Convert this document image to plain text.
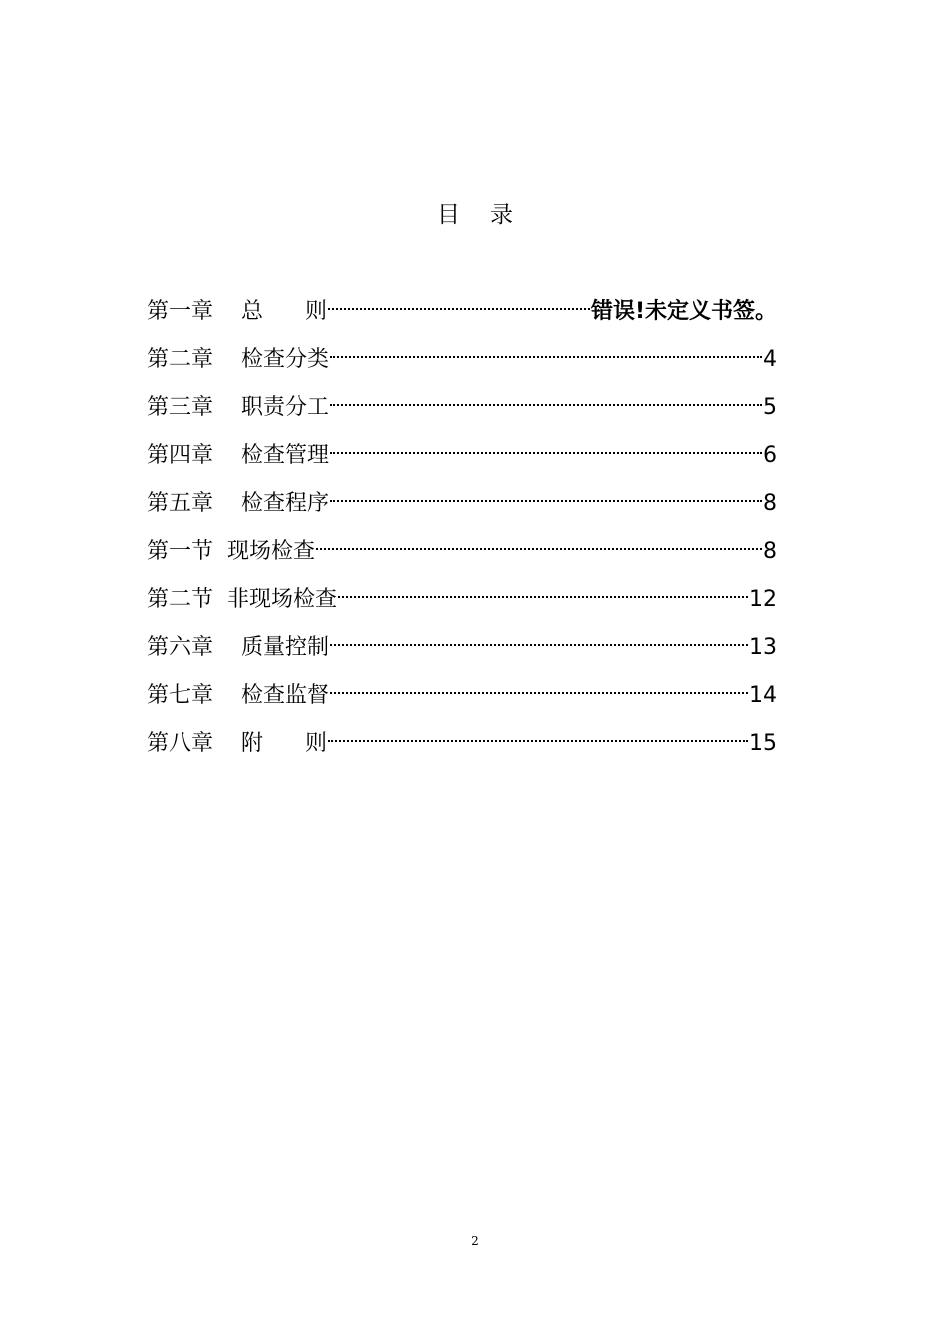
目 录
第一章 总      则	错误!未定义书签。
第二章 检查分类	4
第三章 职责分工	5
第四章 检查管理	6
第五章 检查程序	8
第一节 现场检查	8
第二节 非现场检查	12
第六章 质量控制	13
第七章 检查监督	14
第八章 附      则	15
2
